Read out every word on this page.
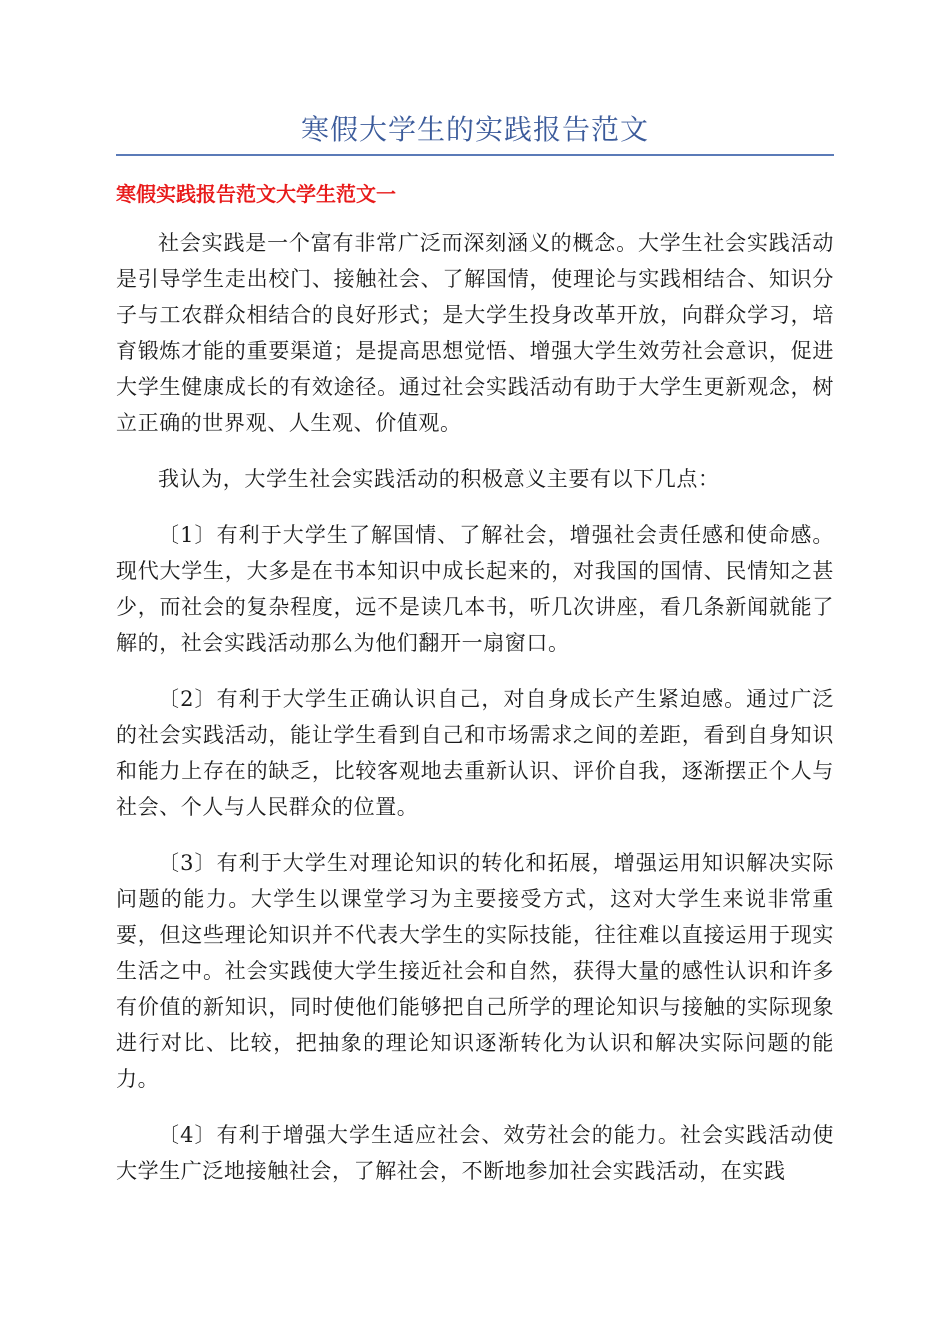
寒假大学生的实践报告范文
寒假实践报告范文大学生范文一

社会实践是一个富有非常广泛而深刻涵义的概念。大学生社会实践活动是引导学生走出校门、接触社会、了解国情，使理论与实践相结合、知识分子与工农群众相结合的良好形式；是大学生投身改革开放，向群众学习，培育锻炼才能的重要渠道；是提高思想觉悟、增强大学生效劳社会意识，促进大学生健康成长的有效途径。通过社会实践活动有助于大学生更新观念，树立正确的世界观、人生观、价值观。

我认为，大学生社会实践活动的积极意义主要有以下几点：

〔1〕有利于大学生了解国情、了解社会，增强社会责任感和使命感。现代大学生，大多是在书本知识中成长起来的，对我国的国情、民情知之甚少，而社会的复杂程度，远不是读几本书，听几次讲座，看几条新闻就能了解的，社会实践活动那么为他们翻开一扇窗口。

〔2〕有利于大学生正确认识自己，对自身成长产生紧迫感。通过广泛的社会实践活动，能让学生看到自己和市场需求之间的差距，看到自身知识和能力上存在的缺乏，比较客观地去重新认识、评价自我，逐渐摆正个人与社会、个人与人民群众的位置。

〔3〕有利于大学生对理论知识的转化和拓展，增强运用知识解决实际问题的能力。大学生以课堂学习为主要接受方式，这对大学生来说非常重要，但这些理论知识并不代表大学生的实际技能，往往难以直接运用于现实生活之中。社会实践使大学生接近社会和自然，获得大量的感性认识和许多有价值的新知识，同时使他们能够把自己所学的理论知识与接触的实际现象进行对比、比较，把抽象的理论知识逐渐转化为认识和解决实际问题的能力。

〔4〕有利于增强大学生适应社会、效劳社会的能力。社会实践活动使大学生广泛地接触社会，了解社会，不断地参加社会实践活动，在实践
